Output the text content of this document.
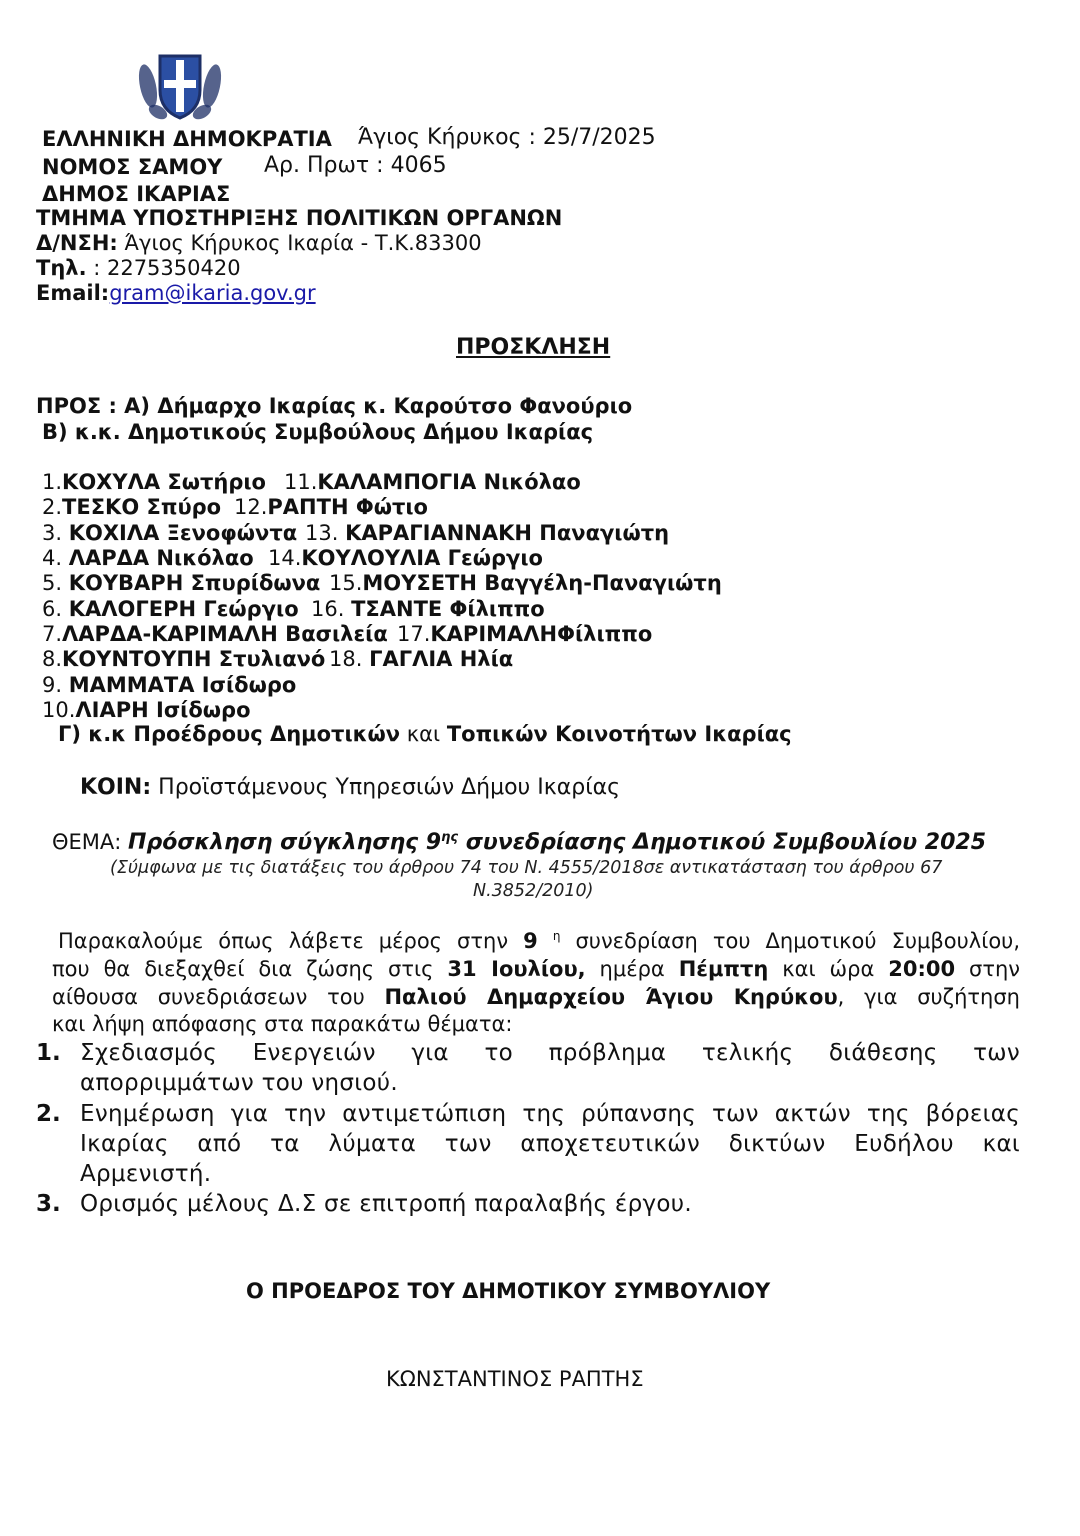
ΕΛΛΗΝΙΚΗ ΔΗΜΟΚΡΑΤΙΑ Άγιος Κήρυκος : 25/7/2025
ΝΟΜΟΣ ΣΑΜΟΥ Αρ. Πρωτ : 4065
ΔΗΜΟΣ ΙΚΑΡΙΑΣ
ΤΜΗΜΑ ΥΠΟΣΤΗΡΙΞΗΣ ΠΟΛΙΤΙΚΩΝ ΟΡΓΑΝΩΝ
Δ/ΝΣΗ: Άγιος Κήρυκος Ικαρία - Τ.Κ.83300
Τηλ. : 2275350420
Email:gram@ikaria.gov.gr
ΠΡΟΣΚΛΗΣΗ
ΠΡΟΣ : Α) Δήμαρχο Ικαρίας κ. Καρούτσο Φανούριο
Β) κ.κ. Δημοτικούς Συμβούλους Δήμου Ικαρίας
1.ΚΟΧΥΛΑ Σωτήριο 11.ΚΑΛΑΜΠΟΓΙΑ Νικόλαο
2.ΤΕΣΚΟ Σπύρο 12.ΡΑΠΤΗ Φώτιο
3. ΚΟΧΙΛΑ Ξενοφώντα 13. ΚΑΡΑΓΙΑΝΝΑΚΗ Παναγιώτη
4. ΛΑΡΔΑ Νικόλαο 14.ΚΟΥΛΟΥΛΙΑ Γεώργιο
5. ΚΟΥΒΑΡΗ Σπυρίδωνα 15.ΜΟΥΣΕΤΗ Βαγγέλη-Παναγιώτη
6. ΚΑΛΟΓΕΡΗ Γεώργιο 16. ΤΣΑΝΤΕ Φίλιππο
7.ΛΑΡΔΑ-ΚΑΡΙΜΑΛΗ Βασιλεία 17.ΚΑΡΙΜΑΛΗΦίλιππο
8.ΚΟΥΝΤΟΥΠΗ Στυλιανό 18. ΓΑΓΛΙΑ Ηλία
9. ΜΑΜΜΑΤΑ Ισίδωρο
10.ΛΙΑΡΗ Ισίδωρο
Γ) κ.κ Προέδρους Δημοτικών και Τοπικών Κοινοτήτων Ικαρίας
ΚΟΙΝ: Προϊστάμενους Υπηρεσιών Δήμου Ικαρίας
ΘΕΜΑ: Πρόσκληση σύγκλησης $9^{\eta\varsigma}$ συνεδρίασης Δημοτικού Συμβουλίου 2025
(Σύμφωνα με τις διατάξεις του άρθρου 74 του Ν. 4555/2018σε αντικατάσταση του άρθρου 67
Ν.3852/2010)
Παρακαλούμε όπως λάβετε μέρος στην 9 $^\eta$ συνεδρίαση του Δημοτικού Συμβουλίου,
που θα διεξαχθεί δια ζώσης στις 31 Ιουλίου, ημέρα Πέμπτη και ώρα 20:00 στην
αίθουσα συνεδριάσεων του Παλιού Δημαρχείου Άγιου Κηρύκου, για συζήτηση
και λήψη απόφασης στα παρακάτω θέματα:
1. Σχεδιασμός Ενεργειών για το πρόβλημα τελικής διάθεσης των
απορριμμάτων του νησιού.
2. Ενημέρωση για την αντιμετώπιση της ρύπανσης των ακτών της βόρειας
Ικαρίας από τα λύματα των αποχετευτικών δικτύων Ευδήλου και
Αρμενιστή.
3. Ορισμός μέλους Δ.Σ σε επιτροπή παραλαβής έργου.
Ο ΠΡΟΕΔΡΟΣ ΤΟΥ ΔΗΜΟΤΙΚΟΥ ΣΥΜΒΟΥΛΙΟΥ
ΚΩΝΣΤΑΝΤΙΝΟΣ ΡΑΠΤΗΣ
